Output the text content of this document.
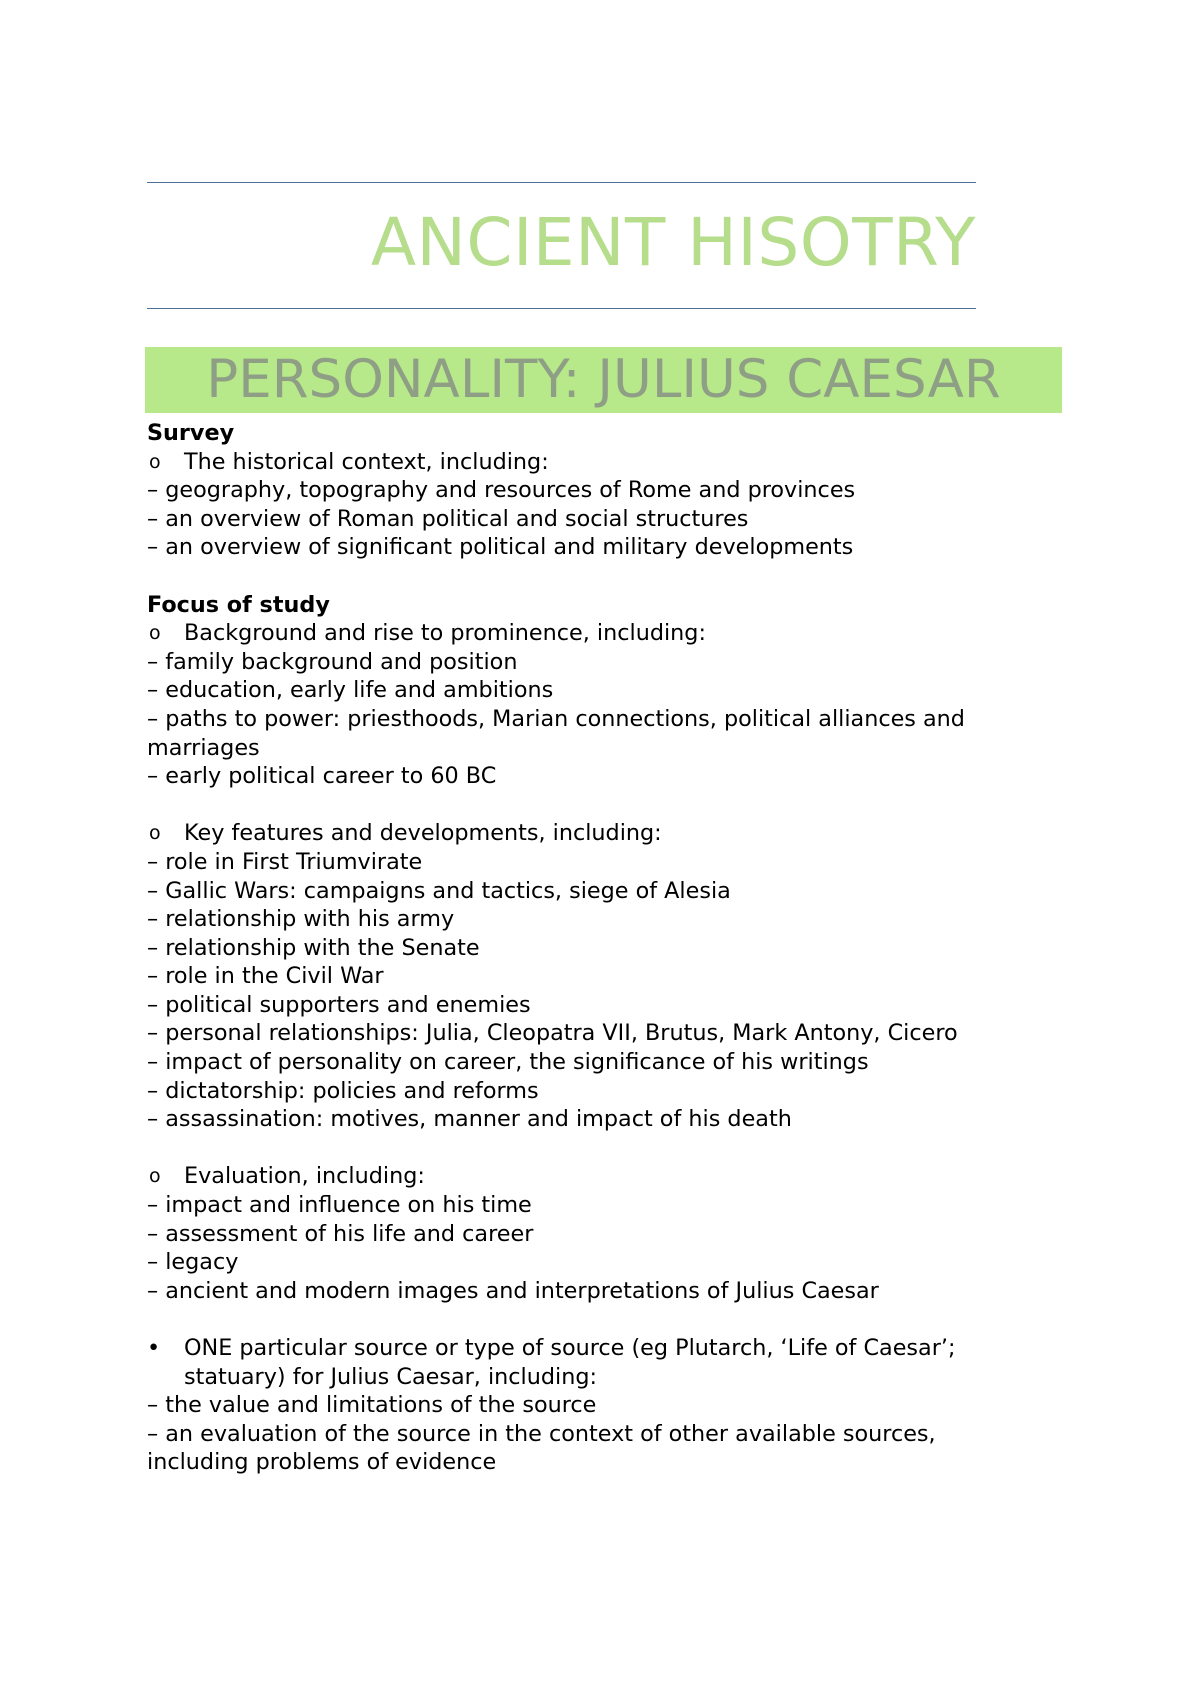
ANCIENT HISOTRY
PERSONALITY: JULIUS CAESAR
Survey
o The historical context, including:
– geography, topography and resources of Rome and provinces
– an overview of Roman political and social structures
– an overview of significant political and military developments
Focus of study
o Background and rise to prominence, including:
– family background and position
– education, early life and ambitions
– paths to power: priesthoods, Marian connections, political alliances and
marriages
– early political career to 60 BC
o Key features and developments, including:
– role in First Triumvirate
– Gallic Wars: campaigns and tactics, siege of Alesia
– relationship with his army
– relationship with the Senate
– role in the Civil War
– political supporters and enemies
– personal relationships: Julia, Cleopatra VII, Brutus, Mark Antony, Cicero
– impact of personality on career, the significance of his writings
– dictatorship: policies and reforms
– assassination: motives, manner and impact of his death
o Evaluation, including:
– impact and influence on his time
– assessment of his life and career
– legacy
– ancient and modern images and interpretations of Julius Caesar
• ONE particular source or type of source (eg Plutarch, ‘Life of Caesar’; statuary) for Julius Caesar, including:
– the value and limitations of the source
– an evaluation of the source in the context of other available sources,
including problems of evidence
